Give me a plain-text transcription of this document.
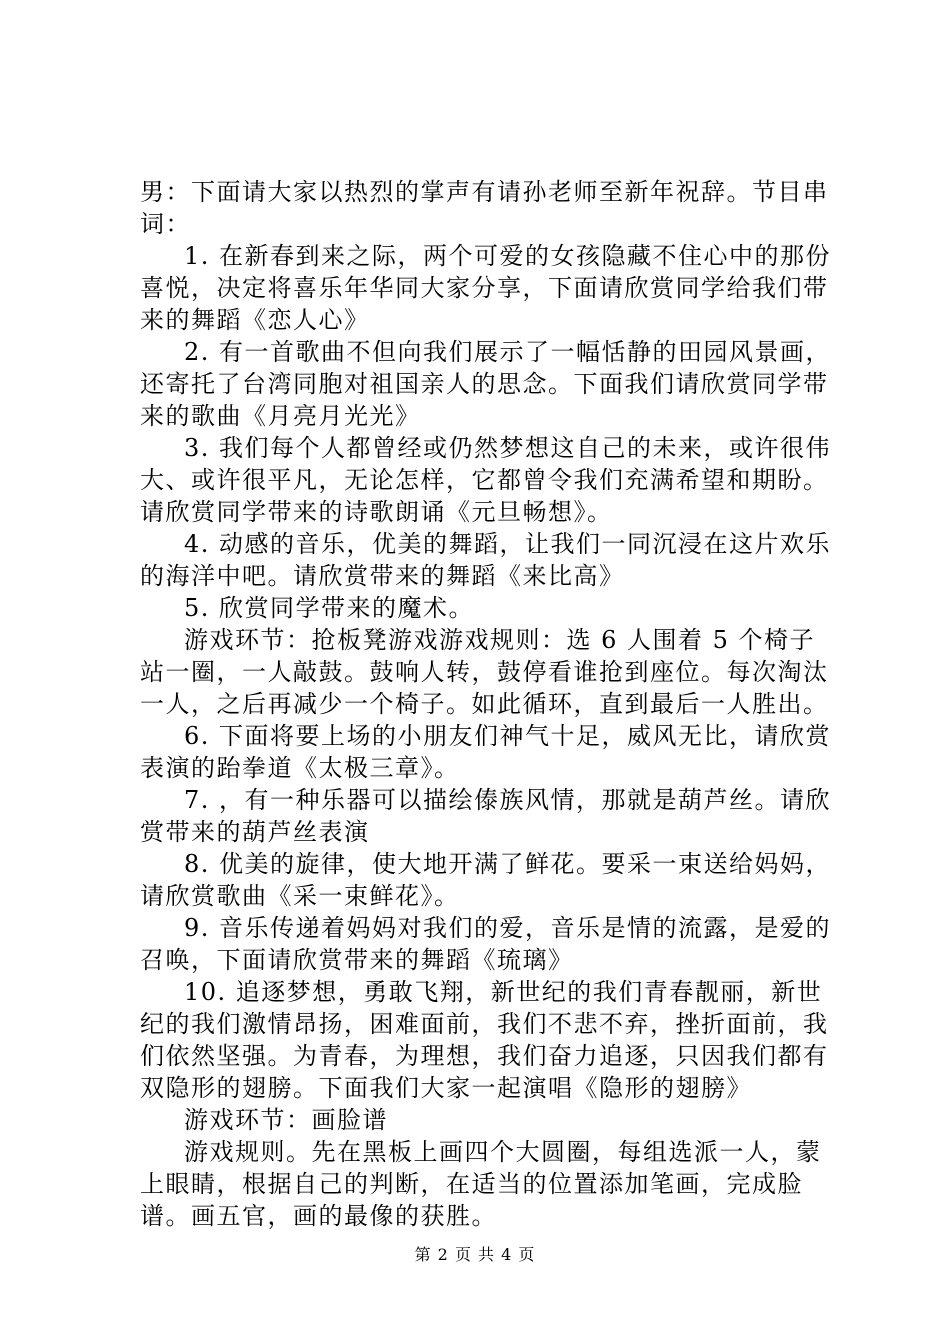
男：下面请大家以热烈的掌声有请孙老师至新年祝辞。节目串词：

1. 在新春到来之际，两个可爱的女孩隐藏不住心中的那份喜悦，决定将喜乐年华同大家分享，下面请欣赏同学给我们带来的舞蹈《恋人心》

2. 有一首歌曲不但向我们展示了一幅恬静的田园风景画，还寄托了台湾同胞对祖国亲人的思念。下面我们请欣赏同学带来的歌曲《月亮月光光》

3. 我们每个人都曾经或仍然梦想这自己的未来，或许很伟大、或许很平凡，无论怎样，它都曾令我们充满希望和期盼。请欣赏同学带来的诗歌朗诵《元旦畅想》。

4. 动感的音乐，优美的舞蹈，让我们一同沉浸在这片欢乐的海洋中吧。请欣赏带来的舞蹈《来比高》

5. 欣赏同学带来的魔术。

游戏环节：抢板凳游戏游戏规则：选 6 人围着 5 个椅子站一圈，一人敲鼓。鼓响人转，鼓停看谁抢到座位。每次淘汰一人，之后再减少一个椅子。如此循环，直到最后一人胜出。

6. 下面将要上场的小朋友们神气十足，威风无比，请欣赏表演的跆拳道《太极三章》。

7. ，有一种乐器可以描绘傣族风情，那就是葫芦丝。请欣赏带来的葫芦丝表演

8. 优美的旋律，使大地开满了鲜花。要采一束送给妈妈，请欣赏歌曲《采一束鲜花》。

9. 音乐传递着妈妈对我们的爱，音乐是情的流露，是爱的召唤，下面请欣赏带来的舞蹈《琉璃》

10. 追逐梦想，勇敢飞翔，新世纪的我们青春靓丽，新世纪的我们激情昂扬，困难面前，我们不悲不弃，挫折面前，我们依然坚强。为青春，为理想，我们奋力追逐，只因我们都有双隐形的翅膀。下面我们大家一起演唱《隐形的翅膀》

游戏环节：画脸谱

游戏规则。先在黑板上画四个大圆圈，每组选派一人，蒙上眼睛，根据自己的判断，在适当的位置添加笔画，完成脸谱。画五官，画的最像的获胜。

第 2 页 共 4 页
